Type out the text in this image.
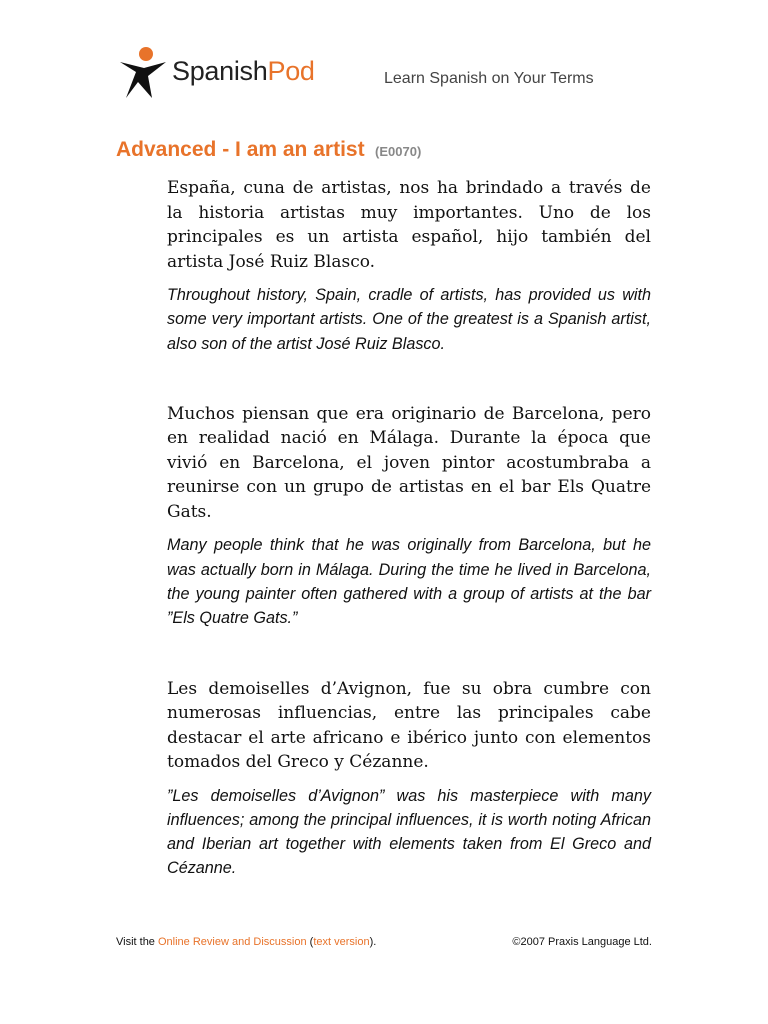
SpanishPod	Learn Spanish on Your Terms
Advanced - I am an artist (E0070)

España, cuna de artistas, nos ha brindado a través de la historia artistas muy importantes. Uno de los principales es un artista español, hijo también del artista José Ruiz Blasco.

Throughout history, Spain, cradle of artists, has provided us with some very important artists. One of the greatest is a Spanish artist, also son of the artist José Ruiz Blasco.

Muchos piensan que era originario de Barcelona, pero en realidad nació en Málaga. Durante la época que vivió en Barcelona, el joven pintor acostumbraba a reunirse con un grupo de artistas en el bar Els Quatre Gats.

Many people think that he was originally from Barcelona, but he was actually born in Málaga. During the time he lived in Barcelona, the young painter often gathered with a group of artists at the bar ”Els Quatre Gats.”

Les demoiselles d’Avignon, fue su obra cumbre con numerosas influencias, entre las principales cabe destacar el arte africano e ibérico junto con elementos tomados del Greco y Cézanne.

”Les demoiselles d’Avignon” was his masterpiece with many influences; among the principal influences, it is worth noting African and Iberian art together with elements taken from El Greco and Cézanne.

Visit the Online Review and Discussion (text version).	©2007 Praxis Language Ltd.
